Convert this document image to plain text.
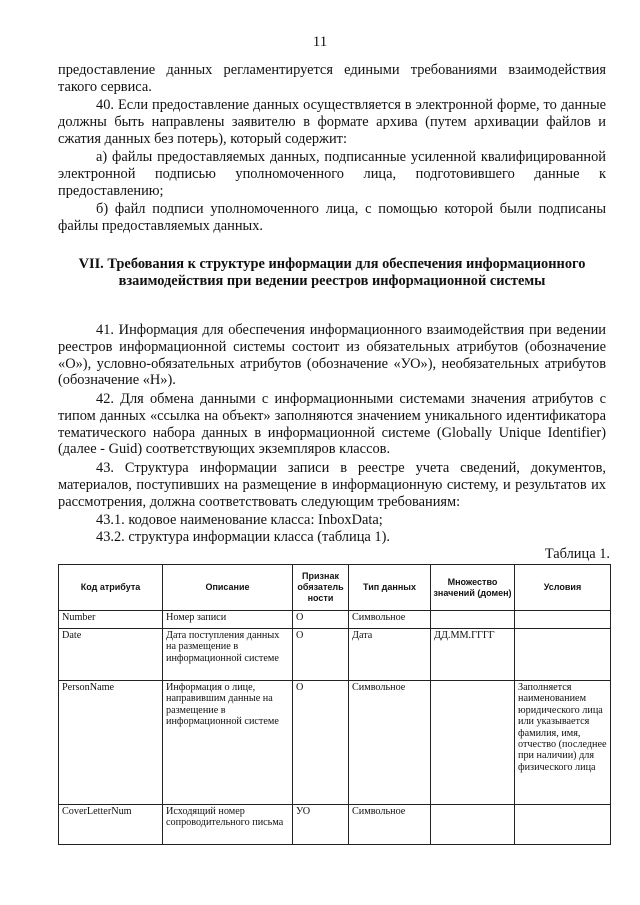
11

предоставление данных регламентируется едиными требованиями взаимодействия такого сервиса.

40. Если предоставление данных осуществляется в электронной форме, то данные должны быть направлены заявителю в формате архива (путем архивации файлов и сжатия данных без потерь), который содержит:

а) файлы предоставляемых данных, подписанные усиленной квалифицированной электронной подписью уполномоченного лица, подготовившего данные к предоставлению;

б) файл подписи уполномоченного лица, с помощью которой были подписаны файлы предоставляемых данных.

VII. Требования к структуре информации для обеспечения информационного взаимодействия при ведении реестров информационной системы

41. Информация для обеспечения информационного взаимодействия при ведении реестров информационной системы состоит из обязательных атрибутов (обозначение «О»), условно-обязательных атрибутов (обозначение «УО»), необязательных атрибутов (обозначение «Н»).

42. Для обмена данными с информационными системами значения атрибутов с типом данных «ссылка на объект» заполняются значением уникального идентификатора тематического набора данных в информационной системе (Globally Unique Identifier) (далее - Guid) соответствующих экземпляров классов.

43. Структура информации записи в реестре учета сведений, документов, материалов, поступивших на размещение в информационную систему, и результатов их рассмотрения, должна соответствовать следующим требованиям:

43.1. кодовое наименование класса: InboxData;

43.2. структура информации класса (таблица 1).

Таблица 1.
Код атрибута	Описание	Признак обязатель ности	Тип данных	Множество значений (домен)	Условия
Number	Номер записи	О	Символьное		
Date	Дата поступления данных на размещение в информационной системе	О	Дата	ДД.ММ.ГГГГ	
PersonName	Информация о лице, направившим данные на размещение в информационной системе	О	Символьное		Заполняется наименованием юридического лица или указывается фамилия, имя, отчество (последнее при наличии) для физического лица
CoverLetterNum	Исходящий номер сопроводительного письма	УО	Символьное		
